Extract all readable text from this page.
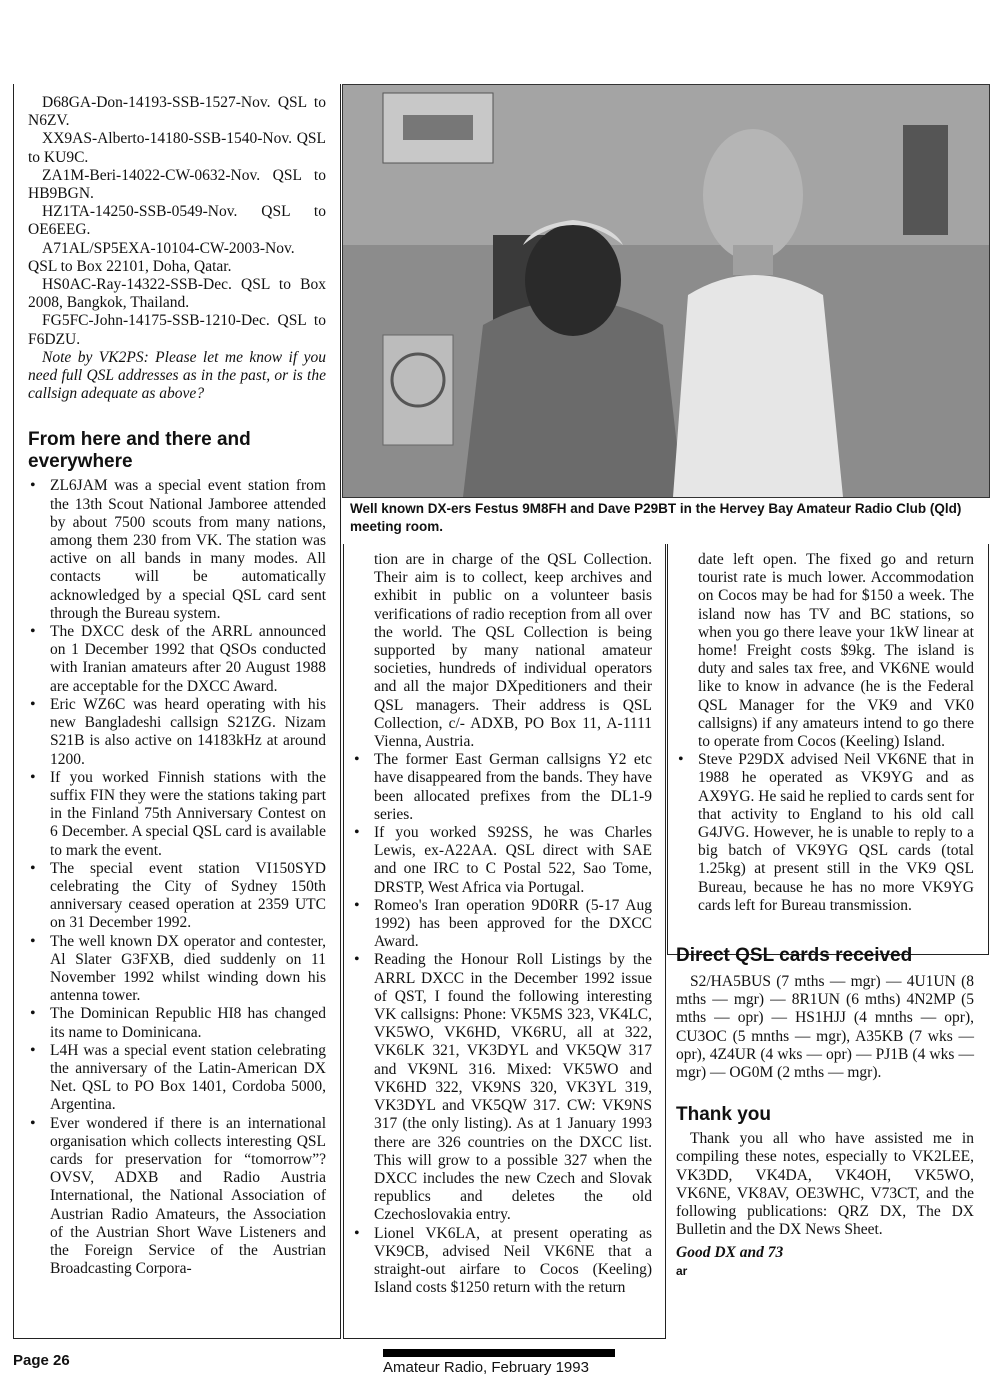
D68GA-Don-14193-SSB-1527-Nov. QSL to N6ZV.

XX9AS-Alberto-14180-SSB-1540-Nov. QSL to KU9C.

ZA1M-Beri-14022-CW-0632-Nov. QSL to HB9BGN.

HZ1TA-14250-SSB-0549-Nov. QSL to OE6EEG.

A71AL/SP5EXA-10104-CW-2003-Nov. QSL to Box 22101, Doha, Qatar.

HS0AC-Ray-14322-SSB-Dec. QSL to Box 2008, Bangkok, Thailand.

FG5FC-John-14175-SSB-1210-Dec. QSL to F6DZU.

Note by VK2PS: Please let me know if you need full QSL addresses as in the past, or is the callsign adequate as above?

From here and there and everywhere
• ZL6JAM was a special event station from the 13th Scout National Jamboree attended by about 7500 scouts from many nations, among them 230 from VK. The station was active on all bands in many modes. All contacts will be automatically acknowledged by a special QSL card sent through the Bureau system.
• The DXCC desk of the ARRL announced on 1 December 1992 that QSOs conducted with Iranian amateurs after 20 August 1988 are acceptable for the DXCC Award.
• Eric WZ6C was heard operating with his new Bangladeshi callsign S21ZG. Nizam S21B is also active on 14183kHz at around 1200.
• If you worked Finnish stations with the suffix FIN they were the stations taking part in the Finland 75th Anniversary Contest on 6 December. A special QSL card is available to mark the event.
• The special event station VI150SYD celebrating the City of Sydney 150th anniversary ceased operation at 2359 UTC on 31 December 1992.
• The well known DX operator and contester, Al Slater G3FXB, died suddenly on 11 November 1992 whilst winding down his antenna tower.
• The Dominican Republic HI8 has changed its name to Dominicana.
• L4H was a special event station celebrating the anniversary of the Latin-American DX Net. QSL to PO Box 1401, Cordoba 5000, Argentina.
• Ever wondered if there is an international organisation which collects interesting QSL cards for preservation for “tomorrow”? OVSV, ADXB and Radio Austria International, the National Association of Austrian Radio Amateurs, the Association of the Austrian Short Wave Listeners and the Foreign Service of the Austrian Broadcasting Corpora-
Well known DX-ers Festus 9M8FH and Dave P29BT in the Hervey Bay Amateur Radio Club (Qld) meeting room.

tion are in charge of the QSL Collection. Their aim is to collect, keep archives and exhibit in public on a volunteer basis verifications of radio reception from all over the world. The QSL Collection is being supported by many national amateur societies, hundreds of individual operators and all the major DXpeditioners and their QSL managers. Their address is QSL Collection, c/- ADXB, PO Box 11, A-1111 Vienna, Austria.

• The former East German callsigns Y2 etc have disappeared from the bands. They have been allocated prefixes from the DL1-9 series.
• If you worked S92SS, he was Charles Lewis, ex-A22AA. QSL direct with SAE and one IRC to C Postal 522, Sao Tome, DRSTP, West Africa via Portugal.
• Romeo's Iran operation 9D0RR (5-17 Aug 1992) has been approved for the DXCC Award.
• Reading the Honour Roll Listings by the ARRL DXCC in the December 1992 issue of QST, I found the following interesting VK callsigns: Phone: VK5MS 323, VK4LC, VK5WO, VK6HD, VK6RU, all at 322, VK6LK 321, VK3DYL and VK5QW 317 and VK9NL 316. Mixed: VK5WO and VK6HD 322, VK9NS 320, VK3YL 319, VK3DYL and VK5QW 317. CW: VK9NS 317 (the only listing). As at 1 January 1993 there are 326 countries on the DXCC list. This will grow to a possible 327 when the DXCC includes the new Czech and Slovak republics and deletes the old Czechoslovakia entry.
• Lionel VK6LA, at present operating as VK9CB, advised Neil VK6NE that a straight-out airfare to Cocos (Keeling) Island costs $1250 return with the return

date left open. The fixed go and return tourist rate is much lower. Accommodation on Cocos may be had for $150 a week. The island now has TV and BC stations, so when you go there leave your 1kW linear at home! Freight costs $9kg. The island is duty and sales tax free, and VK6NE would like to know in advance (he is the Federal QSL Manager for the VK9 and VK0 callsigns) if any amateurs intend to go there to operate from Cocos (Keeling) Island.

• Steve P29DX advised Neil VK6NE that in 1988 he operated as VK9YG and as AX9YG. He said he replied to cards sent for that activity to England to his old call G4JVG. However, he is unable to reply to a big batch of VK9YG QSL cards (total 1.25kg) at present still in the VK9 QSL Bureau, because he has no more VK9YG cards left for Bureau transmission.
Direct QSL cards received

S2/HA5BUS (7 mths — mgr) — 4U1UN (8 mths — mgr) — 8R1UN (6 mths) 4N2MP (5 mths — opr) — HS1HJJ (4 mnths — opr), CU3OC (5 mnths — mgr), A35KB (7 wks — opr), 4Z4UR (4 wks — opr) — PJ1B (4 wks — mgr) — OG0M (2 mths — mgr).

Thank you

Thank you all who have assisted me in compiling these notes, especially to VK2LEE, VK3DD, VK4DA, VK4OH, VK5WO, VK6NE, VK8AV, OE3WHC, V73CT, and the following publications: QRZ DX, The DX Bulletin and the DX News Sheet.

Good DX and 73

ar

Page 26	Amateur Radio, February 1993
